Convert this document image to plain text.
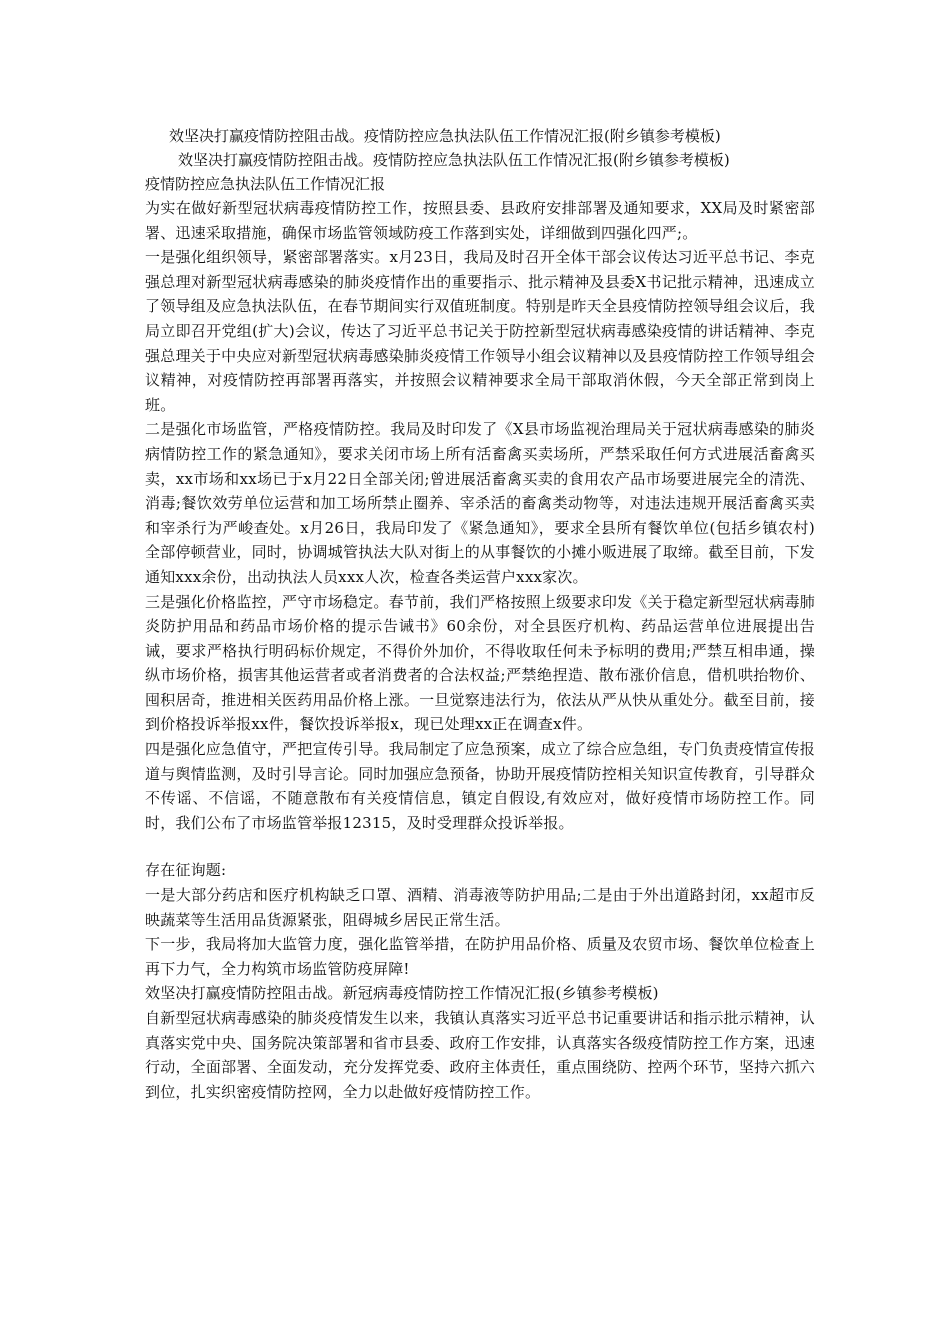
效坚决打赢疫情防控阻击战。疫情防控应急执法队伍工作情况汇报(附乡镇参考模板)

效坚决打赢疫情防控阻击战。疫情防控应急执法队伍工作情况汇报(附乡镇参考模板)

疫情防控应急执法队伍工作情况汇报

为实在做好新型冠状病毒疫情防控工作，按照县委、县政府安排部署及通知要求，XX局及时紧密部署、迅速采取措施，确保市场监管领域防疫工作落到实处，详细做到四强化四严;。

一是强化组织领导，紧密部署落实。x月23日，我局及时召开全体干部会议传达习近平总书记、李克强总理对新型冠状病毒感染的肺炎疫情作出的重要指示、批示精神及县委X书记批示精神，迅速成立了领导组及应急执法队伍，在春节期间实行双值班制度。特别是昨天全县疫情防控领导组会议后，我局立即召开党组(扩大)会议，传达了习近平总书记关于防控新型冠状病毒感染疫情的讲话精神、李克强总理关于中央应对新型冠状病毒感染肺炎疫情工作领导小组会议精神以及县疫情防控工作领导组会议精神，对疫情防控再部署再落实，并按照会议精神要求全局干部取消休假，今天全部正常到岗上班。

二是强化市场监管，严格疫情防控。我局及时印发了《X县市场监视治理局关于冠状病毒感染的肺炎病情防控工作的紧急通知》，要求关闭市场上所有活畜禽买卖场所，严禁采取任何方式进展活畜禽买卖，xx市场和xx场已于x月22日全部关闭;曾进展活畜禽买卖的食用农产品市场要进展完全的清洗、消毒;餐饮效劳单位运营和加工场所禁止圈养、宰杀活的畜禽类动物等，对违法违规开展活畜禽买卖和宰杀行为严峻查处。x月26日，我局印发了《紧急通知》，要求全县所有餐饮单位(包括乡镇农村)全部停顿营业，同时，协调城管执法大队对街上的从事餐饮的小摊小贩进展了取缔。截至目前，下发通知xxx余份，出动执法人员xxx人次，检查各类运营户xxx家次。

三是强化价格监控，严守市场稳定。春节前，我们严格按照上级要求印发《关于稳定新型冠状病毒肺炎防护用品和药品市场价格的提示告诫书》60余份，对全县医疗机构、药品运营单位进展提出告诫，要求严格执行明码标价规定，不得价外加价，不得收取任何未予标明的费用;严禁互相串通，操纵市场价格，损害其他运营者或者消费者的合法权益;严禁绝捏造、散布涨价信息，借机哄抬物价、囤积居奇，推进相关医药用品价格上涨。一旦觉察违法行为，依法从严从快从重处分。截至目前，接到价格投诉举报xx件，餐饮投诉举报x，现已处理xx正在调查x件。

四是强化应急值守，严把宣传引导。我局制定了应急预案，成立了综合应急组，专门负责疫情宣传报道与舆情监测，及时引导言论。同时加强应急预备，协助开展疫情防控相关知识宣传教育，引导群众不传谣、不信谣，不随意散布有关疫情信息，镇定自假设,有效应对，做好疫情市场防控工作。同时，我们公布了市场监管举报12315，及时受理群众投诉举报。

存在征询题:

一是大部分药店和医疗机构缺乏口罩、酒精、消毒液等防护用品;二是由于外出道路封闭，xx超市反映蔬菜等生活用品货源紧张，阻碍城乡居民正常生活。

下一步，我局将加大监管力度，强化监管举措，在防护用品价格、质量及农贸市场、餐饮单位检查上再下力气，全力构筑市场监管防疫屏障!

效坚决打赢疫情防控阻击战。新冠病毒疫情防控工作情况汇报(乡镇参考模板)

自新型冠状病毒感染的肺炎疫情发生以来，我镇认真落实习近平总书记重要讲话和指示批示精神，认真落实党中央、国务院决策部署和省市县委、政府工作安排，认真落实各级疫情防控工作方案，迅速行动，全面部署、全面发动，充分发挥党委、政府主体责任，重点围绕防、控两个环节，坚持六抓六到位，扎实织密疫情防控网，全力以赴做好疫情防控工作。
